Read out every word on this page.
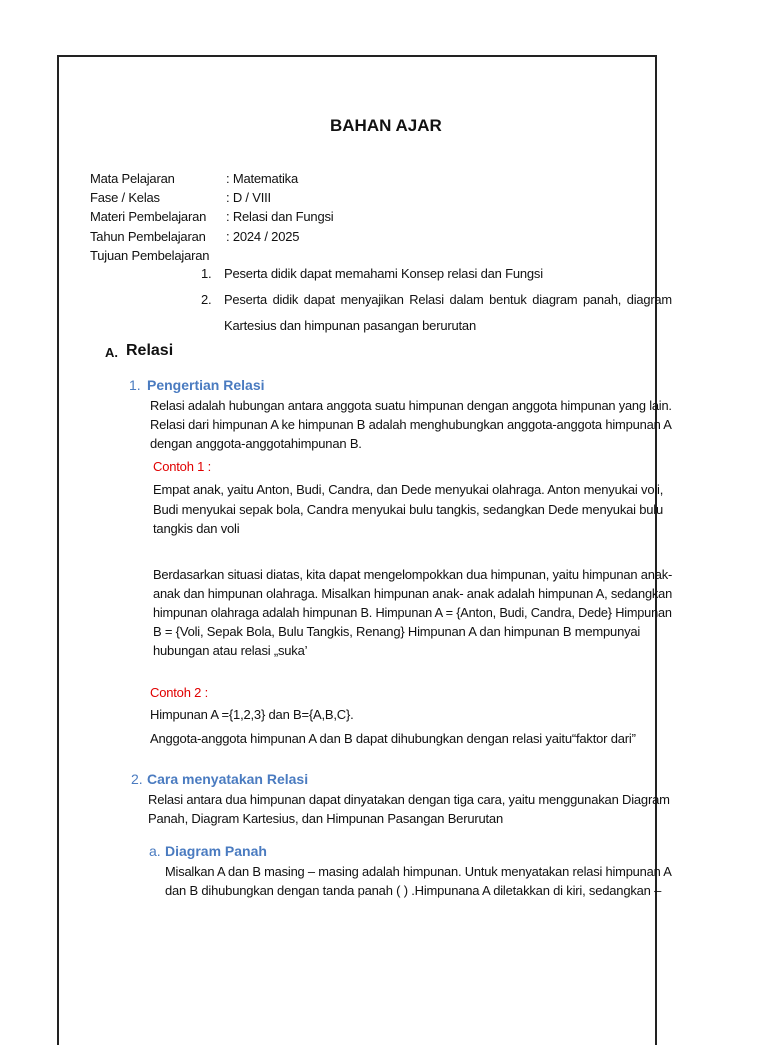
BAHAN AJAR
Mata Pelajaran	: Matematika
Fase / Kelas	: D / VIII
Materi Pembelajaran : Relasi dan Fungsi
Tahun Pembelajaran : 2024 / 2025
Tujuan Pembelajaran
1. Peserta didik dapat memahami Konsep relasi dan Fungsi
2. Peserta didik dapat menyajikan Relasi dalam bentuk diagram panah, diagram
Kartesius dan himpunan pasangan berurutan
A. Relasi
1. Pengertian Relasi
Relasi adalah hubungan antara anggota suatu himpunan dengan anggota himpunan yang lain.
Relasi dari himpunan A ke himpunan B adalah menghubungkan anggota-anggota himpunan A
dengan anggota-anggotahimpunan B.
Contoh 1 :
Empat anak, yaitu Anton, Budi, Candra, dan Dede menyukai olahraga. Anton menyukai voli,
Budi menyukai sepak bola, Candra menyukai bulu tangkis, sedangkan Dede menyukai bulu
tangkis dan voli
Berdasarkan situasi diatas, kita dapat mengelompokkan dua himpunan, yaitu himpunan anak-
anak dan himpunan olahraga. Misalkan himpunan anak- anak adalah himpunan A, sedangkan
himpunan olahraga adalah himpunan B. Himpunan A = {Anton, Budi, Candra, Dede} Himpunan
B = {Voli, Sepak Bola, Bulu Tangkis, Renang} Himpunan A dan himpunan B mempunyai
hubungan atau relasi „suka’
Contoh 2 :
Himpunan A ={1,2,3} dan B={A,B,C}.
Anggota-anggota himpunan A dan B dapat dihubungkan dengan relasi yaitu“faktor dari”
2. Cara menyatakan Relasi
Relasi antara dua himpunan dapat dinyatakan dengan tiga cara, yaitu menggunakan Diagram
Panah, Diagram Kartesius, dan Himpunan Pasangan Berurutan
a. Diagram Panah
Misalkan A dan B masing – masing adalah himpunan. Untuk menyatakan relasi himpunan A
dan B dihubungkan dengan tanda panah ( ) .Himpunana A diletakkan di kiri, sedangkan –
